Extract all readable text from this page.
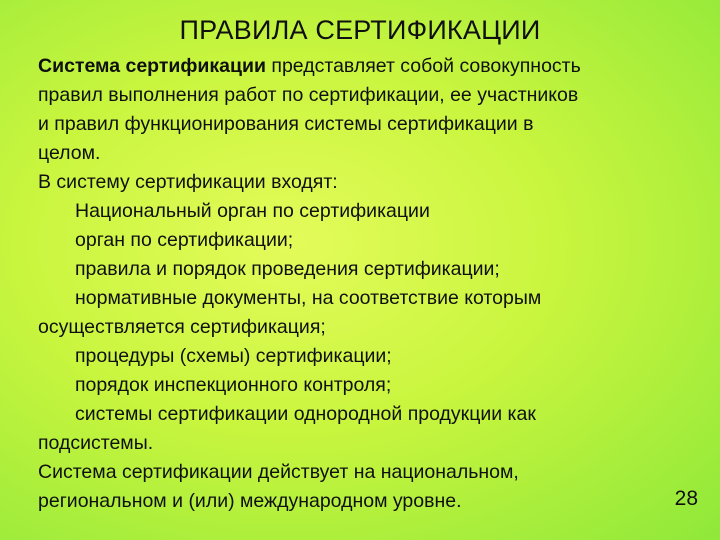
ПРАВИЛА СЕРТИФИКАЦИИ
Система сертификации представляет собой совокупность
правил выполнения работ по сертификации, ее участников
и правил функционирования системы сертификации в
целом.
В систему сертификации входят:
Национальный орган по сертификации
орган по сертификации;
правила и порядок проведения сертификации;
нормативные документы, на соответствие которым
осуществляется сертификация;
процедуры (схемы) сертификации;
порядок инспекционного контроля;
системы сертификации однородной продукции как
подсистемы.
Система сертификации действует на национальном,
региональном и (или) международном уровне.	28
